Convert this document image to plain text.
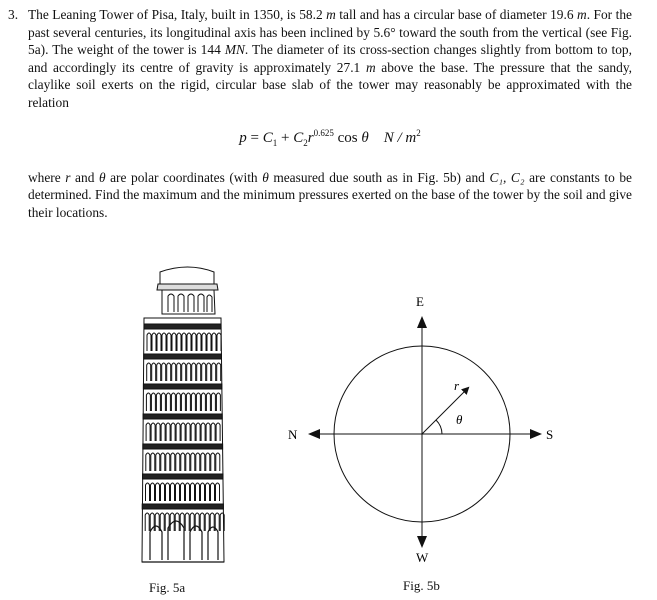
3. The Leaning Tower of Pisa, Italy, built in 1350, is 58.2 m tall and has a circular base of diameter 19.6 m. For the past several centuries, its longitudinal axis has been inclined by 5.6° toward the south from the vertical (see Fig. 5a). The weight of the tower is 144 MN. The diameter of its cross-section changes slightly from bottom to top, and accordingly its centre of gravity is approximately 27.1 m above the base. The pressure that the sandy, claylike soil exerts on the rigid, circular base slab of the tower may reasonably be approximated with the relation

$p = C_1 + C_2r^{0.625}$ cos θ N / $m^2$

where r and θ are polar coordinates (with θ measured due south as in Fig. 5b) and C₁, C₂ are constants to be determined. Find the maximum and the minimum pressures exerted on the base of the tower by the soil and give their locations.

Fig. 5a
E
W
N	S
r
θ
Fig. 5b
